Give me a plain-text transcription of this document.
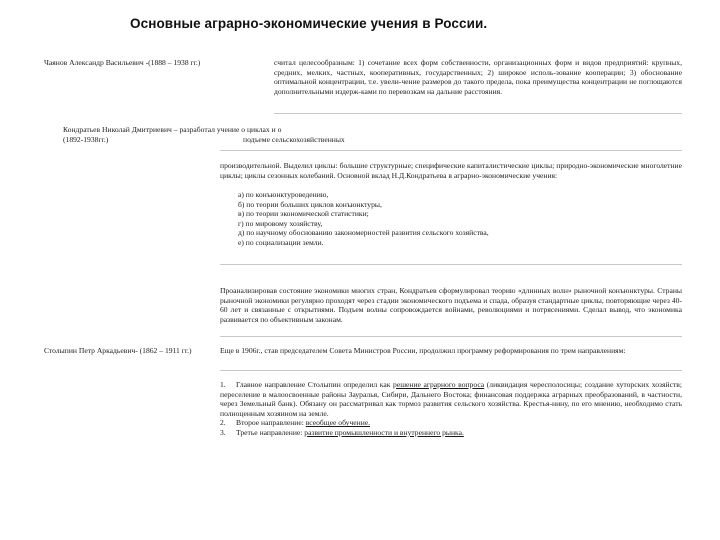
Основные аграрно-экономические учения в России.
Чаянов Александр Васильевич -(1888 – 1938 гг.)	считал целесообразным: 1) сочетание всех форм собственности, организационных форм и видов предприятий: крупных, средних, мелких, частных, кооперативных, государственных; 2) широкое исполь-зование кооперации; 3) обоснование оптимальной концентрации, т.е. увели-чение размеров до такого предела, пока преимущества концентрации не поглощаются дополнительными издерж-ками по перевозкам на дальние расстояния.
Кондратьев Николай Дмитриевич – разработал учение о циклах и о
(1892-1938гг.)	подъеме сельскохозяйственных
производительной. Выделил циклы: большие структурные; специфические капиталистические циклы; природно-экономические многолетние циклы; циклы сезонных колебаний. Основной вклад Н.Д.Кондратьева в аграрно-экономические учения:
а) по конъюнктуроведению,
б) по теории больших циклов конъюнктуры,
в) по теории экономической статистики;
г) по мировому хозяйству,
д) по научному обоснованию закономерностей развития сельского хозяйства,
е) по социализации земли.
Проанализировав состояние экономики многих стран, Кондратьев сформулировал теорию «длинных волн» рыночной конъюнктуры. Страны рыночной экономики регулярно проходят через стадии экономического подъема и спада, образуя стандартные циклы, повторяющие через 40-60 лет и связанные с открытиями. Подъем волны сопровождается войнами, революциями и потрясениями. Сделал вывод, что экономика развивается по объективным законам.
Столыпин Петр Аркадьевич- (1862 – 1911 гг.)	Еще в 1906г., став председателем Совета Министров России, продолжил программу реформирования по трем направлениям:
1. Главное направление Столыпин определил как решение аграрного вопроса (ликвидация чересполосицы; создание хуторских хозяйств; переселение в малоосвоенные районы Зауралья, Сибири, Дальнего Востока; финансовая поддержка аграрных преобразований, в частности, через Земельный банк). Обязану он рассматривал как тормоз развития сельского хозяйства. Крестья-нину, по его мнению, необходимо стать полноценным хозяином на земле.
2. Второе направление: всеобщее обучение.
3. Третье направление: развитие промышленности и внутреннего рынка.
